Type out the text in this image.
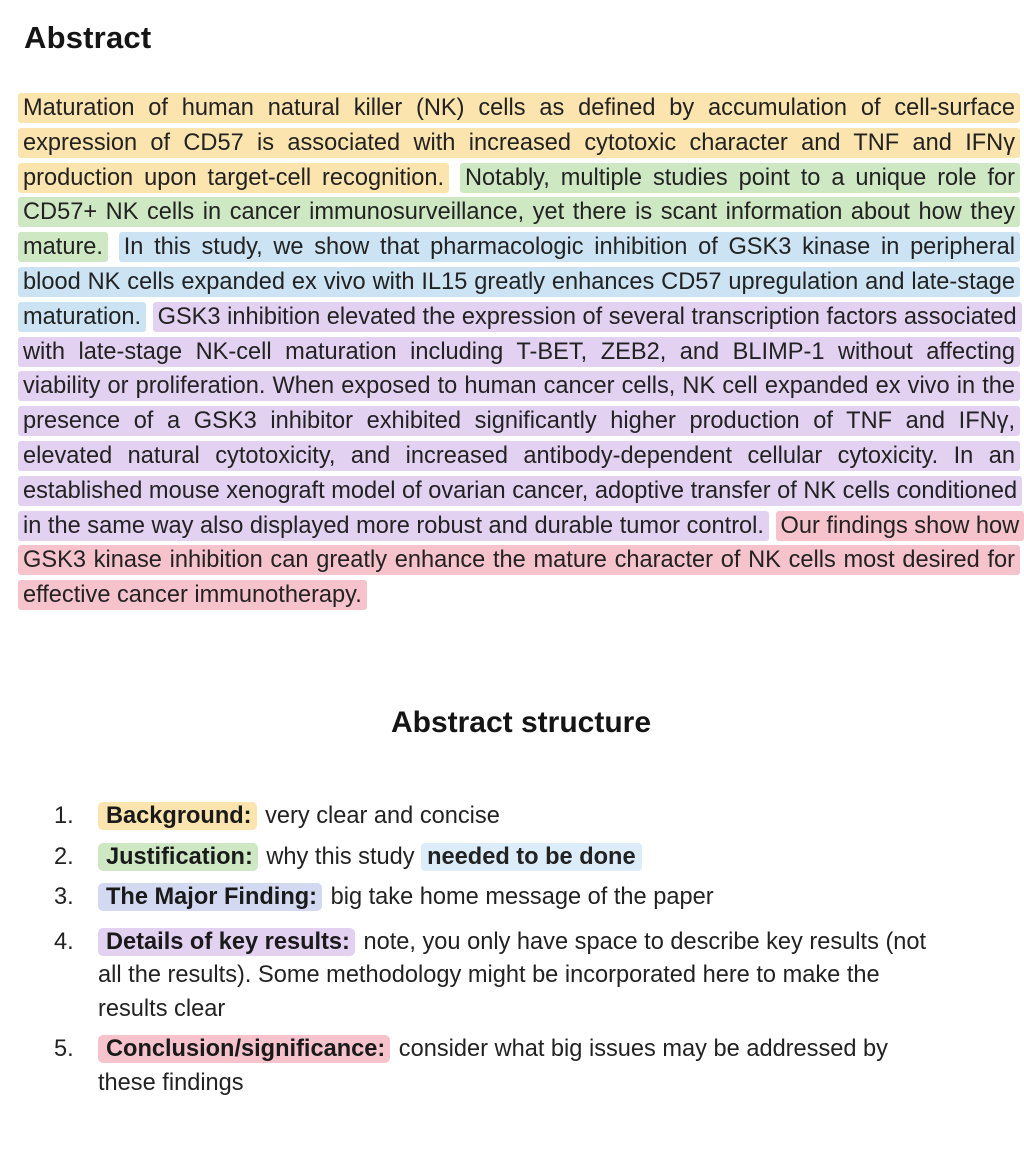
Abstract

Maturation of human natural killer (NK) cells as defined by accumulation of cell-surface expression of CD57 is associated with increased cytotoxic character and TNF and IFNγ production upon target-cell recognition. Notably, multiple studies point to a unique role for CD57+ NK cells in cancer immunosurveillance, yet there is scant information about how they mature. In this study, we show that pharmacologic inhibition of GSK3 kinase in peripheral blood NK cells expanded ex vivo with IL15 greatly enhances CD57 upregulation and late-stage maturation. GSK3 inhibition elevated the expression of several transcription factors associated with late-stage NK-cell maturation including T-BET, ZEB2, and BLIMP-1 without affecting viability or proliferation. When exposed to human cancer cells, NK cell expanded ex vivo in the presence of a GSK3 inhibitor exhibited significantly higher production of TNF and IFNγ, elevated natural cytotoxicity, and increased antibody-dependent cellular cytoxicity. In an established mouse xenograft model of ovarian cancer, adoptive transfer of NK cells conditioned in the same way also displayed more robust and durable tumor control. Our findings show how GSK3 kinase inhibition can greatly enhance the mature character of NK cells most desired for effective cancer immunotherapy.

Abstract structure
1. Background: very clear and concise
2. Justification: why this study needed to be done
3. The Major Finding: big take home message of the paper
4. Details of key results: note, you only have space to describe key results (not all the results). Some methodology might be incorporated here to make the results clear
5. Conclusion/significance: consider what big issues may be addressed by these findings
